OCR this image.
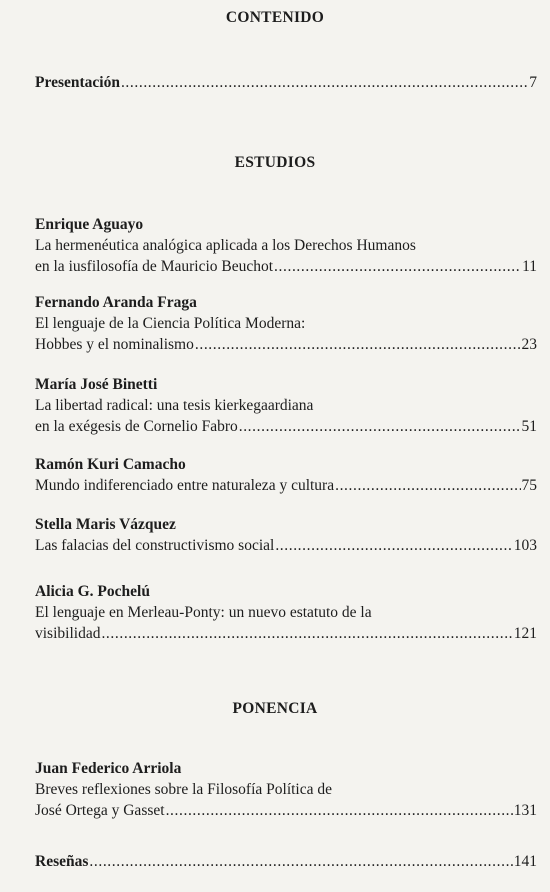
CONTENIDO
Presentación .....	7
ESTUDIOS
Enrique Aguayo
La hermenéutica analógica aplicada a los Derechos Humanos
en la iusfilosofía de Mauricio Beuchot .....	11
Fernando Aranda Fraga
El lenguaje de la Ciencia Política Moderna:
Hobbes y el nominalismo .....	23
María José Binetti
La libertad radical: una tesis kierkegaardiana
en la exégesis de Cornelio Fabro .....	51
Ramón Kuri Camacho
Mundo indiferenciado entre naturaleza y cultura .....	75
Stella Maris Vázquez
Las falacias del constructivismo social .....	103
Alicia G. Pochelú
El lenguaje en Merleau-Ponty: un nuevo estatuto de la
visibilidad .....	121
PONENCIA
Juan Federico Arriola
Breves reflexiones sobre la Filosofía Política de
José Ortega y Gasset .....	131
Reseñas .....	141
